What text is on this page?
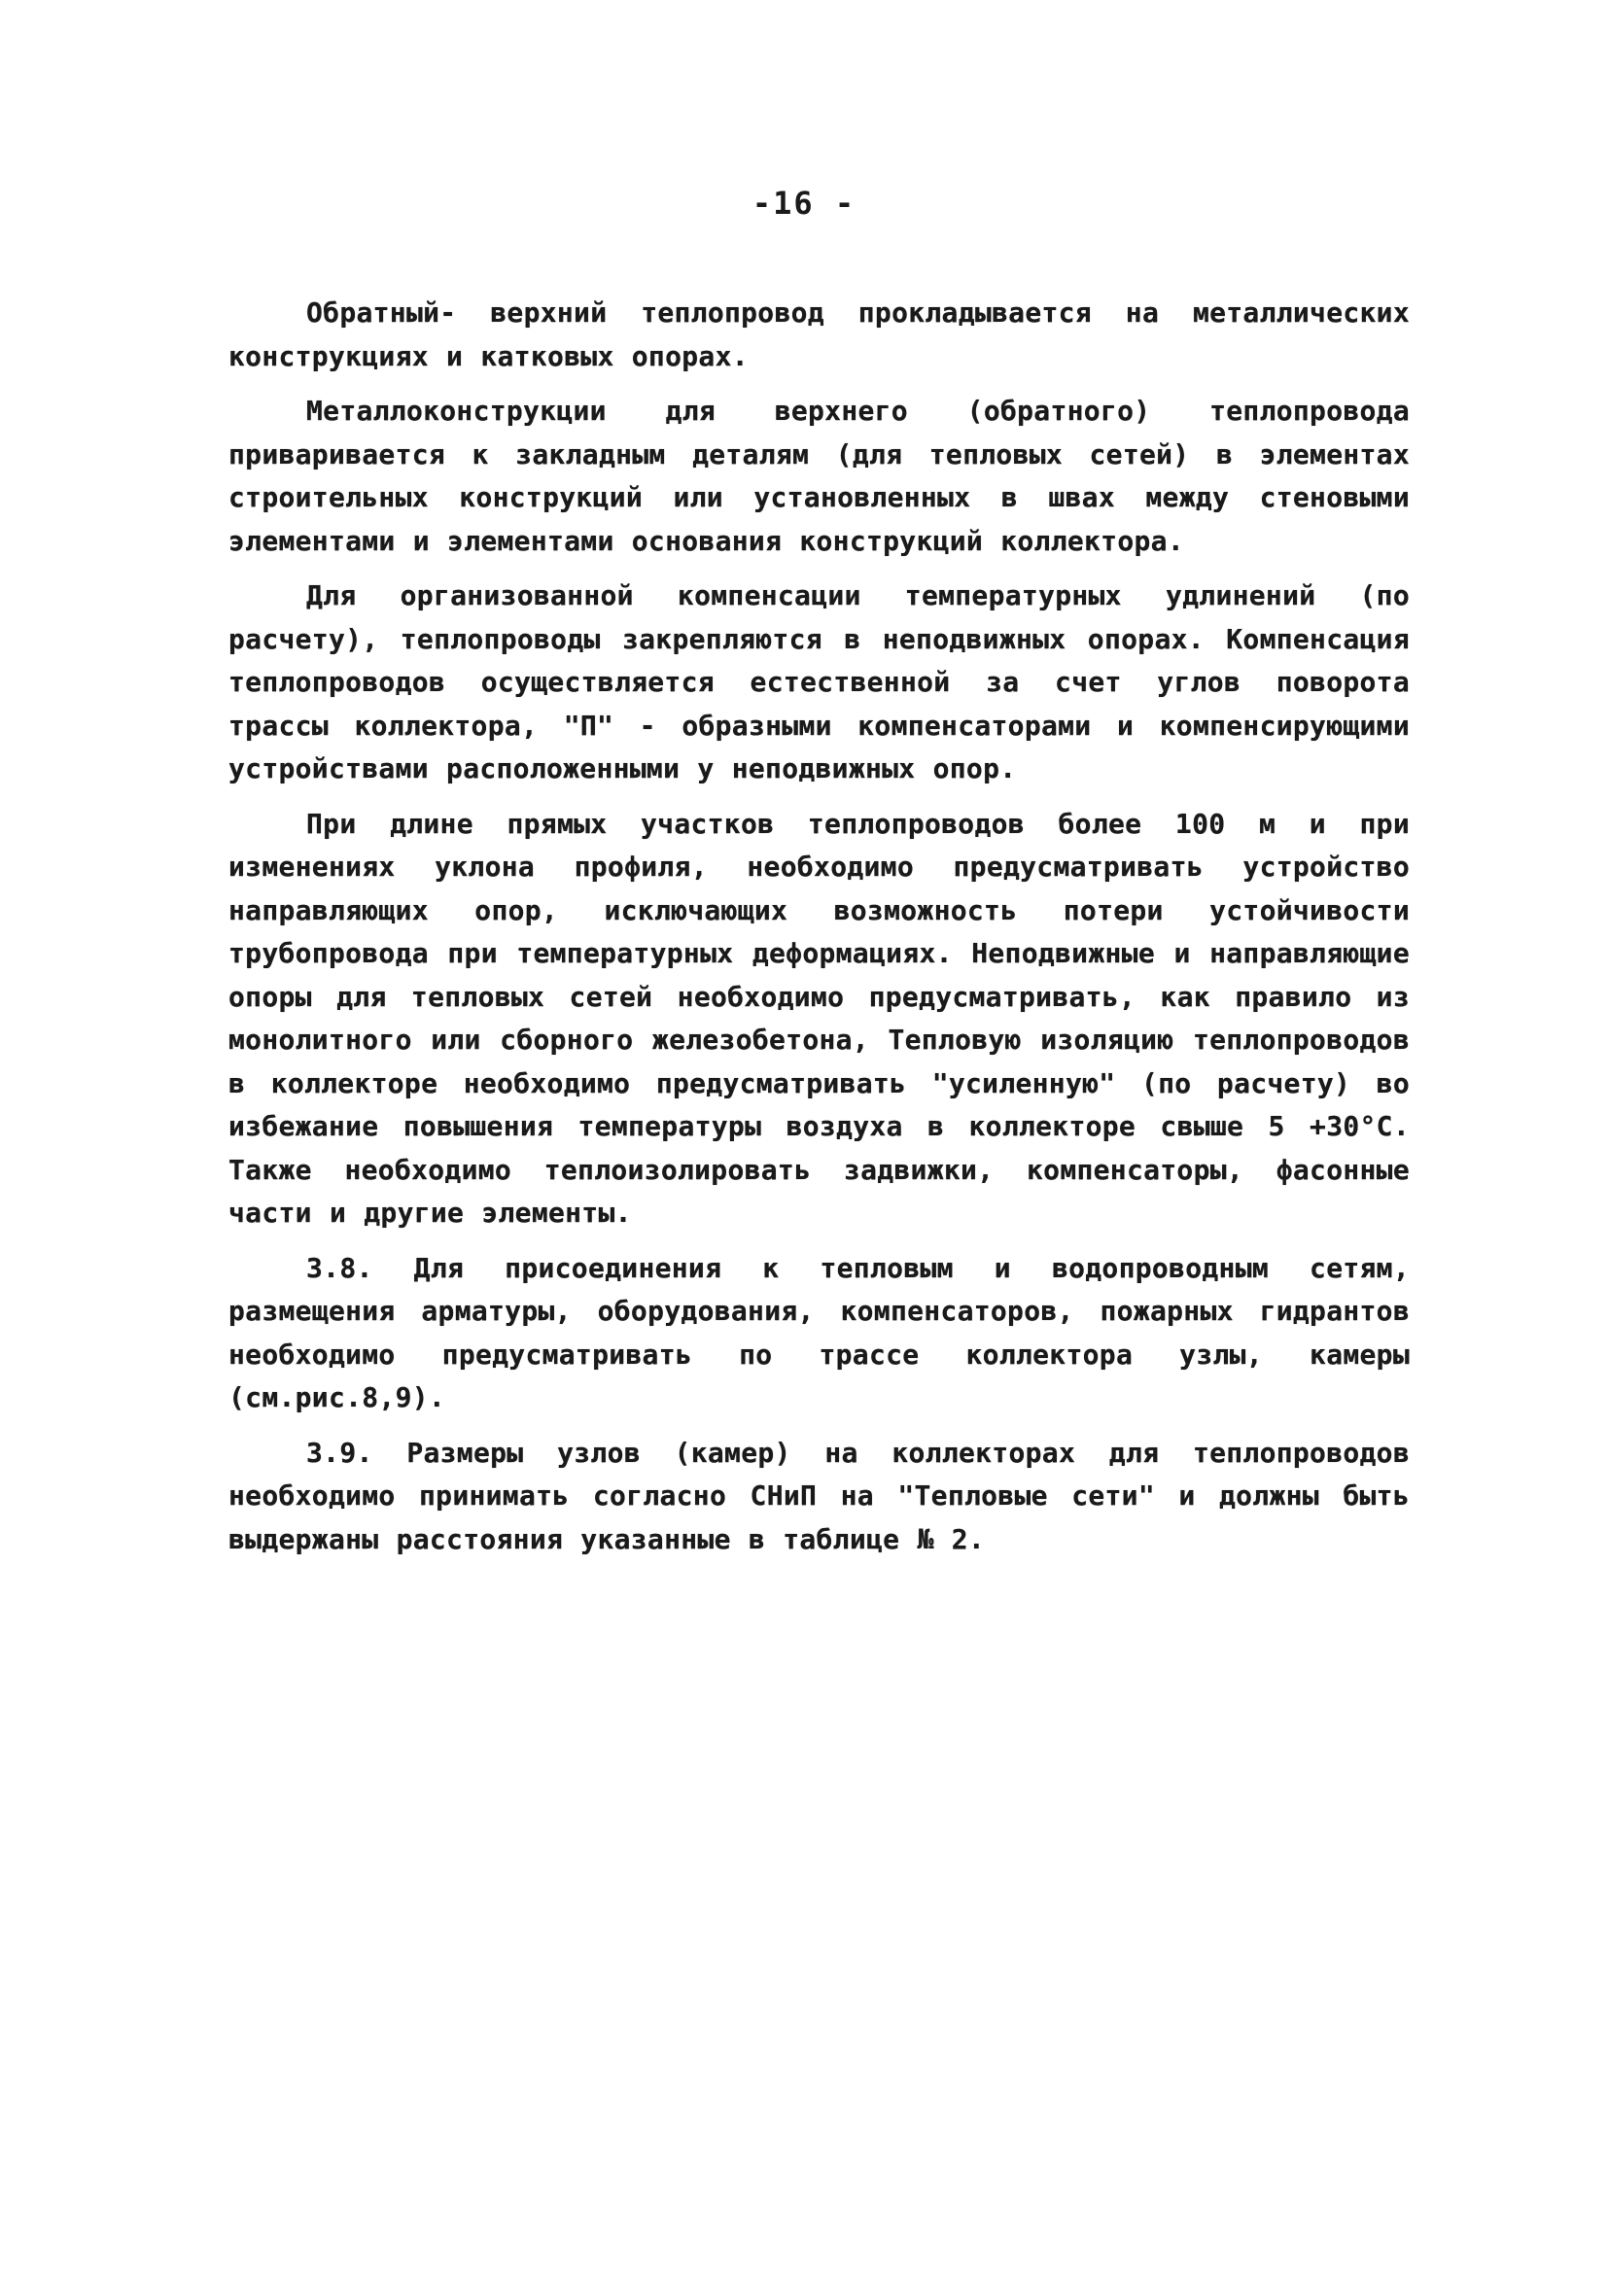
-16 -

Обратный- верхний теплопровод прокладывается на металлических конструкциях и катковых опорах.

Металлоконструкции для верхнего (обратного) теплопровода приваривается к закладным деталям (для тепловых сетей) в элементах строительных конструкций или установленных в швах между стеновыми элементами и элементами основания конструкций коллектора.

Для организованной компенсации температурных удлинений (по расчету), теплопроводы закрепляются в неподвижных опорах. Компенсация теплопроводов осуществляется естественной за счет углов поворота трассы коллектора, "П" - образными компенсаторами и компенсирующими устройствами расположенными у неподвижных опор.

При длине прямых участков теплопроводов более 100 м и при изменениях уклона профиля, необходимо предусматривать устройство направляющих опор, исключающих возможность потери устойчивости трубопровода при температурных деформациях. Неподвижные и направляющие опоры для тепловых сетей необходимо предусматривать, как правило из монолитного или сборного железобетона, Тепловую изоляцию теплопроводов в коллекторе необходимо предусматривать "усиленную" (по расчету) во избежание повышения температуры воздуха в коллекторе свыше 5 +30°С. Также необходимо теплоизолировать задвижки, компенсаторы, фасонные части и другие элементы.

3.8. Для присоединения к тепловым и водопроводным сетям, размещения арматуры, оборудования, компенсаторов, пожарных гидрантов необходимо предусматривать по трассе коллектора узлы, камеры (см.рис.8,9).

3.9. Размеры узлов (камер) на коллекторах для теплопроводов необходимо принимать согласно СНиП на "Тепловые сети" и должны быть выдержаны расстояния указанные в таблице № 2.
